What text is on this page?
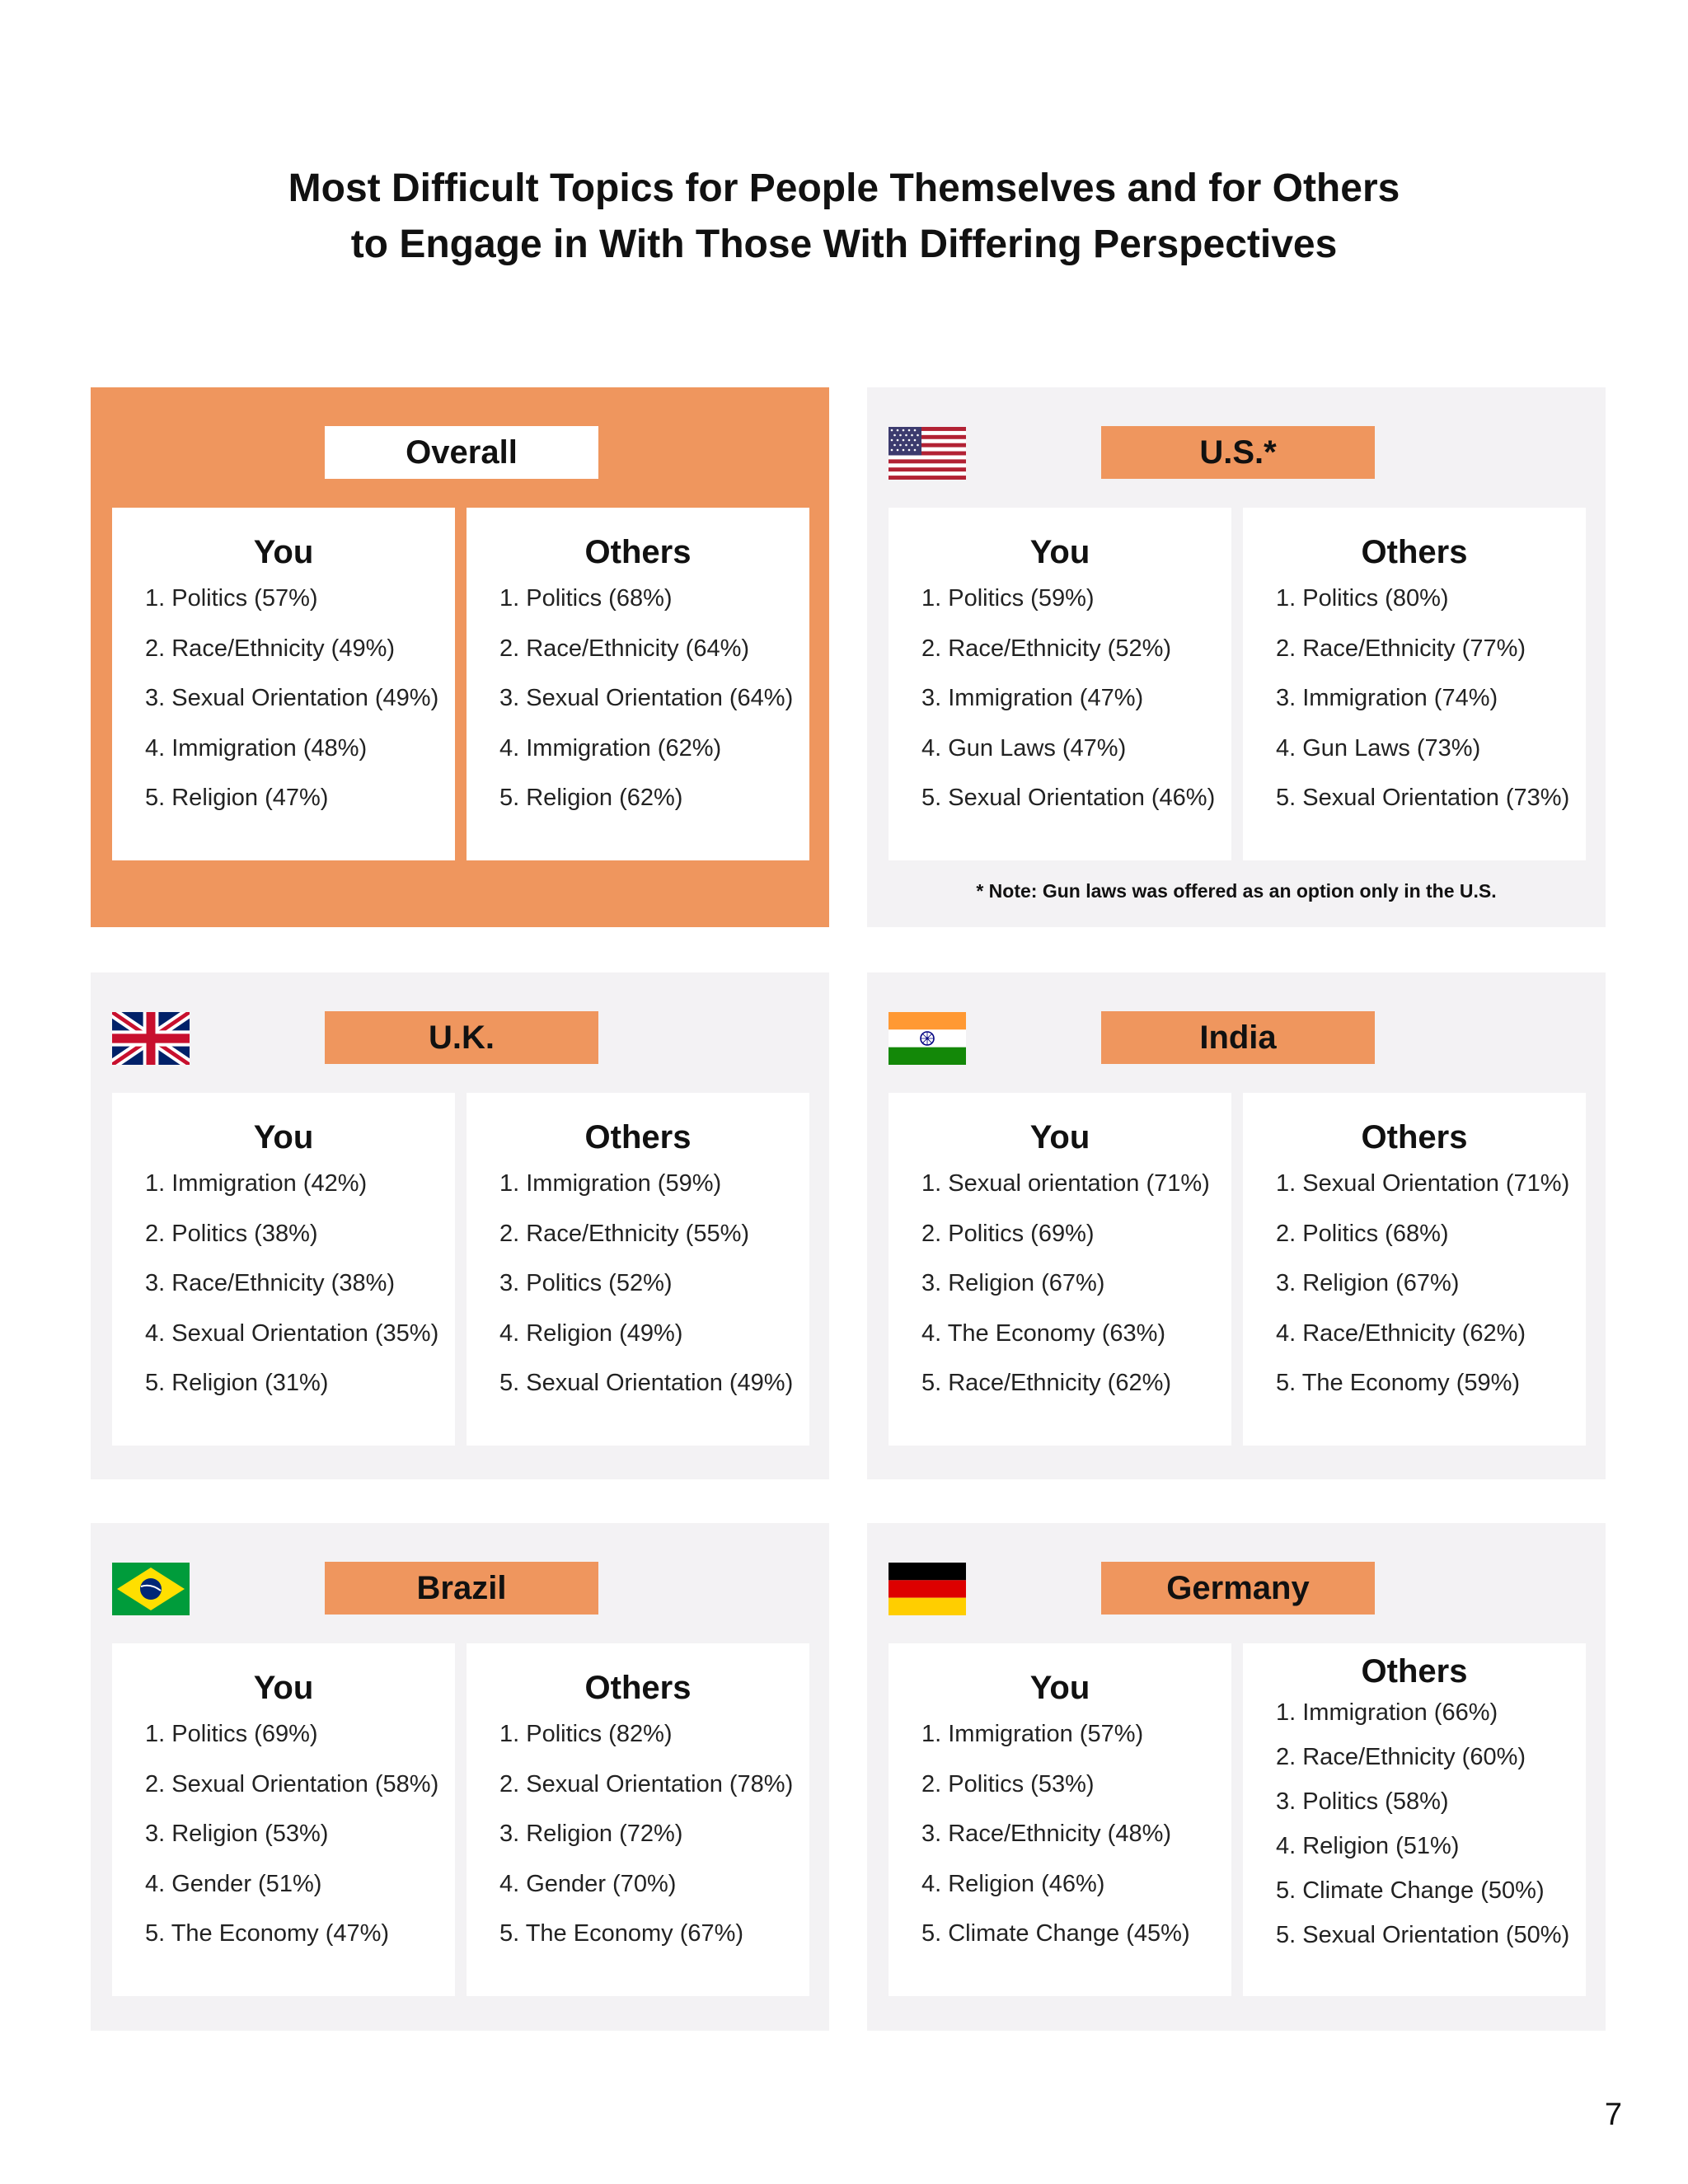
Most Difficult Topics for People Themselves and for Others
to Engage in With Those With Differing Perspectives
Overall
You
1. Politics (57%)
2. Race/Ethnicity (49%)
3. Sexual Orientation (49%)
4. Immigration (48%)
5. Religion (47%)
Others
1. Politics (68%)
2. Race/Ethnicity (64%)
3. Sexual Orientation (64%)
4. Immigration (62%)
5. Religion (62%)
U.S.*
You
1. Politics (59%)
2. Race/Ethnicity (52%)
3. Immigration (47%)
4. Gun Laws (47%)
5. Sexual Orientation (46%)
Others
1. Politics (80%)
2. Race/Ethnicity (77%)
3. Immigration (74%)
4. Gun Laws (73%)
5. Sexual Orientation (73%)
* Note: Gun laws was offered as an option only in the U.S.
U.K.
You
1. Immigration (42%)
2. Politics (38%)
3. Race/Ethnicity (38%)
4. Sexual Orientation (35%)
5. Religion (31%)
Others
1. Immigration (59%)
2. Race/Ethnicity (55%)
3. Politics (52%)
4. Religion (49%)
5. Sexual Orientation (49%)
India
You
1. Sexual orientation (71%)
2. Politics (69%)
3. Religion (67%)
4. The Economy (63%)
5. Race/Ethnicity (62%)
Others
1. Sexual Orientation (71%)
2. Politics (68%)
3. Religion (67%)
4. Race/Ethnicity (62%)
5. The Economy (59%)
Brazil
You
1. Politics (69%)
2. Sexual Orientation (58%)
3. Religion (53%)
4. Gender (51%)
5. The Economy (47%)
Others
1. Politics (82%)
2. Sexual Orientation (78%)
3. Religion (72%)
4. Gender (70%)
5. The Economy (67%)
Germany
You
1. Immigration (57%)
2. Politics (53%)
3. Race/Ethnicity (48%)
4. Religion (46%)
5. Climate Change (45%)
Others
1. Immigration (66%)
2. Race/Ethnicity (60%)
3. Politics (58%)
4. Religion (51%)
5. Climate Change (50%)
5. Sexual Orientation (50%)
7
